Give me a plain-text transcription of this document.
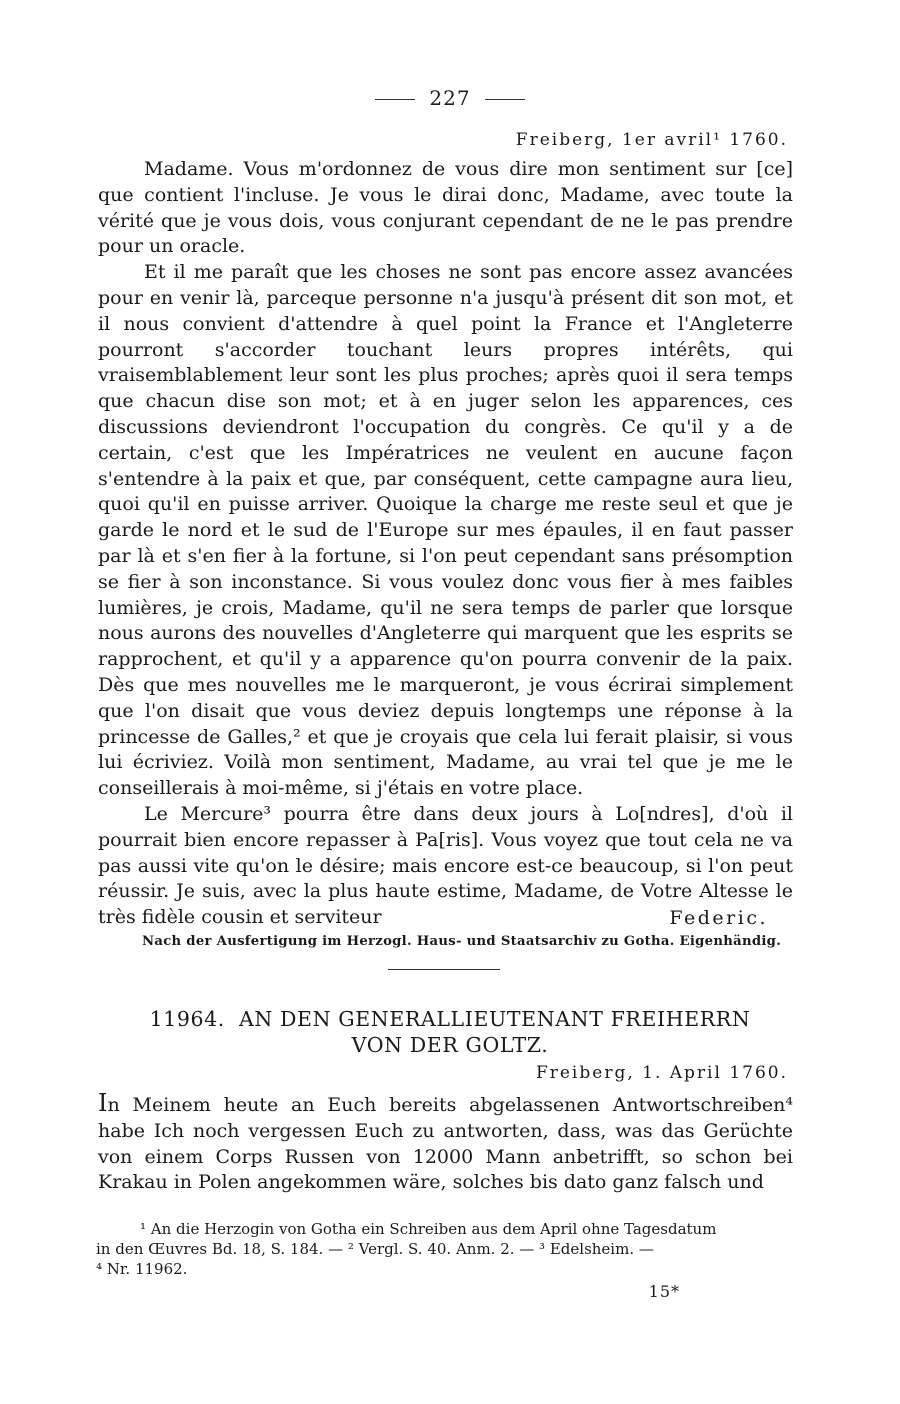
227
Freiberg, 1er avril¹ 1760.

Madame. Vous m'ordonnez de vous dire mon sentiment sur [ce] que contient l'incluse. Je vous le dirai donc, Madame, avec toute la vérité que je vous dois, vous conjurant cependant de ne le pas prendre pour un oracle.

Et il me paraît que les choses ne sont pas encore assez avancées pour en venir là, parceque personne n'a jusqu'à présent dit son mot, et il nous convient d'attendre à quel point la France et l'Angleterre pourront s'accorder touchant leurs propres intérêts, qui vraisemblablement leur sont les plus proches; après quoi il sera temps que chacun dise son mot; et à en juger selon les apparences, ces discussions deviendront l'occupation du congrès. Ce qu'il y a de certain, c'est que les Impératrices ne veulent en aucune façon s'entendre à la paix et que, par conséquent, cette campagne aura lieu, quoi qu'il en puisse arriver. Quoique la charge me reste seul et que je garde le nord et le sud de l'Europe sur mes épaules, il en faut passer par là et s'en fier à la fortune, si l'on peut cependant sans présomption se fier à son inconstance. Si vous voulez donc vous fier à mes faibles lumières, je crois, Madame, qu'il ne sera temps de parler que lorsque nous aurons des nouvelles d'Angleterre qui marquent que les esprits se rapprochent, et qu'il y a apparence qu'on pourra convenir de la paix. Dès que mes nouvelles me le marqueront, je vous écrirai simplement que l'on disait que vous deviez depuis longtemps une réponse à la princesse de Galles,² et que je croyais que cela lui ferait plaisir, si vous lui écriviez. Voilà mon sentiment, Madame, au vrai tel que je me le conseillerais à moi-même, si j'étais en votre place.

Le Mercure³ pourra être dans deux jours à Lo[ndres], d'où il pourrait bien encore repasser à Pa[ris]. Vous voyez que tout cela ne va pas aussi vite qu'on le désire; mais encore est-ce beaucoup, si l'on peut réussir. Je suis, avec la plus haute estime, Madame, de Votre Altesse le très fidèle cousin et serviteur	Federic.
Nach der Ausfertigung im Herzogl. Haus- und Staatsarchiv zu Gotha. Eigenhändig.
11964. AN DEN GENERALLIEUTENANT FREIHERRN
VON DER GOLTZ.
Freiberg, 1. April 1760.

In Meinem heute an Euch bereits abgelassenen Antwortschreiben⁴ habe Ich noch vergessen Euch zu antworten, dass, was das Gerüchte von einem Corps Russen von 12000 Mann anbetrifft, so schon bei Krakau in Polen angekommen wäre, solches bis dato ganz falsch und

¹ An die Herzogin von Gotha ein Schreiben aus dem April ohne Tagesdatum

in den Œuvres Bd. 18, S. 184. — ² Vergl. S. 40. Anm. 2. — ³ Edelsheim. —

⁴ Nr. 11962.

15*
